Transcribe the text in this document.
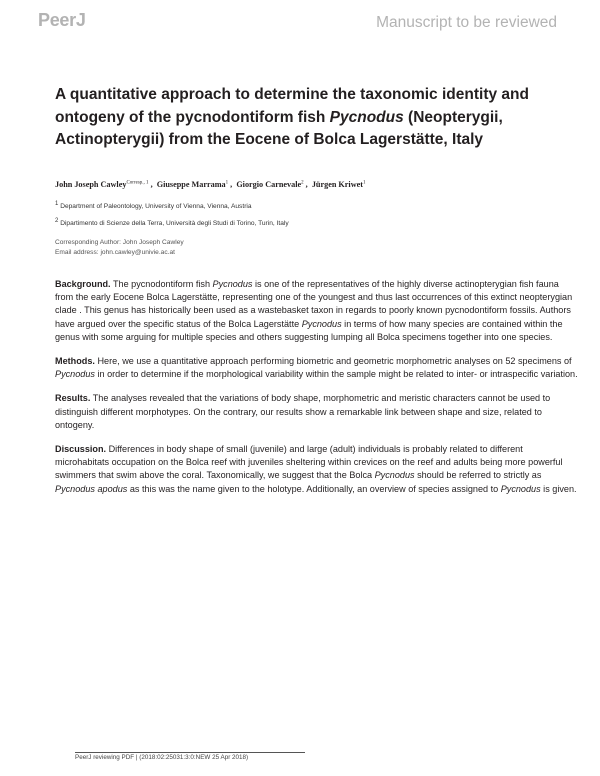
PeerJ	Manuscript to be reviewed
A quantitative approach to determine the taxonomic identity and ontogeny of the pycnodontiform fish Pycnodus (Neopterygii, Actinopterygii) from the Eocene of Bolca Lagerstätte, Italy
John Joseph Cawley$^{Corresp., 1}$ ,  Giuseppe Marrama$^1$ ,  Giorgio Carnevale$^2$ ,  Jürgen Kriwet$^1$
$^1$ Department of Paleontology, University of Vienna, Vienna, Austria
$^2$ Dipartimento di Scienze della Terra, Università degli Studi di Torino, Turin, Italy
Corresponding Author: John Joseph Cawley
Email address: john.cawley@univie.ac.at

Background. The pycnodontiform fish Pycnodus is one of the representatives of the highly diverse actinopterygian fish fauna from the early Eocene Bolca Lagerstätte, representing one of the youngest and thus last occurrences of this extinct neopterygian clade . This genus has historically been used as a wastebasket taxon in regards to poorly known pycnodontiform fossils. Authors have argued over the specific status of the Bolca Lagerstätte Pycnodus in terms of how many species are contained within the genus with some arguing for multiple species and others suggesting lumping all Bolca specimens together into one species.

Methods. Here, we use a quantitative approach performing biometric and geometric morphometric analyses on 52 specimens of Pycnodus in order to determine if the morphological variability within the sample might be related to inter- or intraspecific variation.

Results. The analyses revealed that the variations of body shape, morphometric and meristic characters cannot be used to distinguish different morphotypes. On the contrary, our results show a remarkable link between shape and size, related to ontogeny.

Discussion. Differences in body shape of small (juvenile) and large (adult) individuals is probably related to different microhabitats occupation on the Bolca reef with juveniles sheltering within crevices on the reef and adults being more powerful swimmers that swim above the coral. Taxonomically, we suggest that the Bolca Pycnodus should be referred to strictly as Pycnodus apodus as this was the name given to the holotype. Additionally, an overview of species assigned to Pycnodus is given.

PeerJ reviewing PDF | (2018:02:25031:3:0:NEW 25 Apr 2018)
